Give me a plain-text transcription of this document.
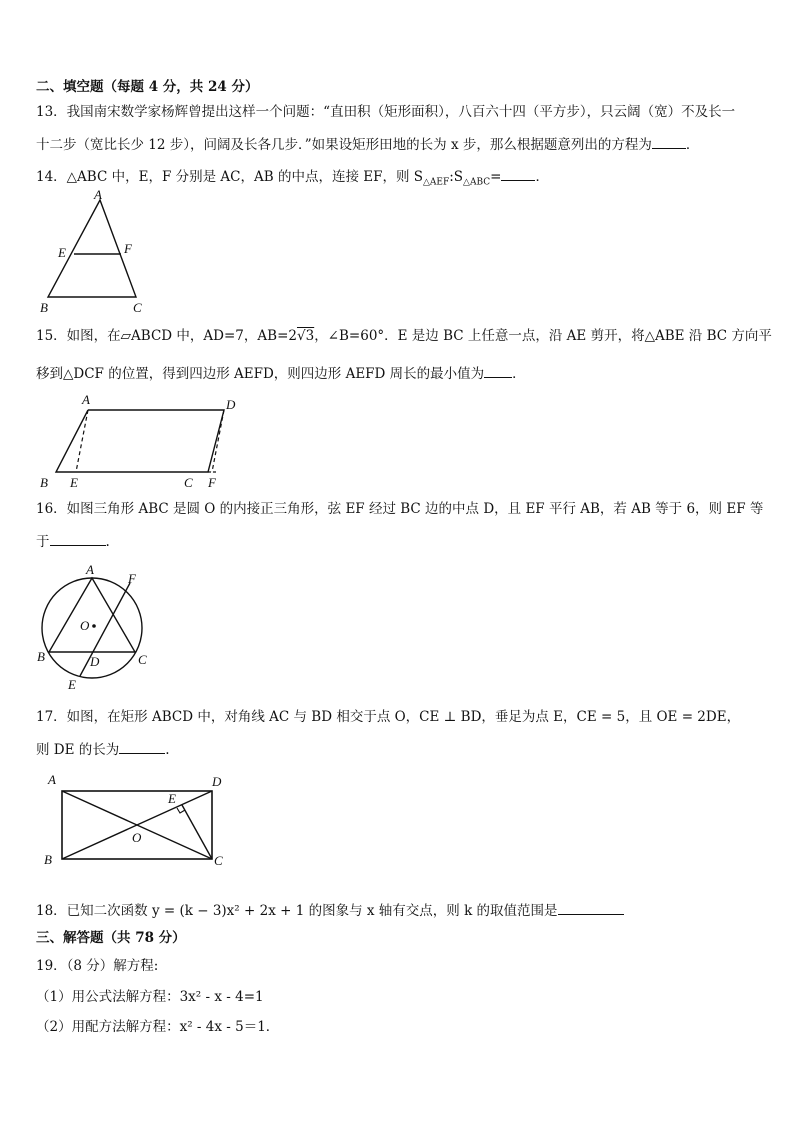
二、填空题（每题 4 分，共 24 分）
13．我国南宋数学家杨辉曾提出这样一个问题：“直田积（矩形面积），八百六十四（平方步），只云阔（宽）不及长一
十二步（宽比长少 12 步），问阔及长各几步．”如果设矩形田地的长为 x 步，那么根据题意列出的方程为	．
14．△ABC 中，E，F 分别是 AC，AB 的中点，连接 EF，则 $S_{\triangle AEF}:S_{\triangle ABC}=$	．
A
E	F
B	C
15．如图，在▱ABCD 中，AD=7，AB=2√3，∠B=60°．E 是边 BC 上任意一点，沿 AE 剪开，将△ABE 沿 BC 方向平
移到△DCF 的位置，得到四边形 AEFD，则四边形 AEFD 周长的最小值为 ．
A	D
B E	C F
16．如图三角形 ABC 是圆 O 的内接正三角形，弦 EF 经过 BC 边的中点 D，且 EF 平行 AB，若 AB 等于 6，则 EF 等
于	.
A
F
O
B	D	C
E
17．如图，在矩形 ABCD 中，对角线 AC 与 BD 相交于点 O，CE ⊥ BD，垂足为点 E，CE = 5，且 OE = 2DE，
则 DE 的长为	.
A	D
E
O
B	C
18．已知二次函数 y = (k − 3)x² + 2x + 1 的图象与 x 轴有交点，则 k 的取值范围是
三、解答题（共 78 分）
19．（8 分）解方程:
（1）用公式法解方程：3x² - x - 4=1
（2）用配方法解方程：x² - 4x - 5＝1．
